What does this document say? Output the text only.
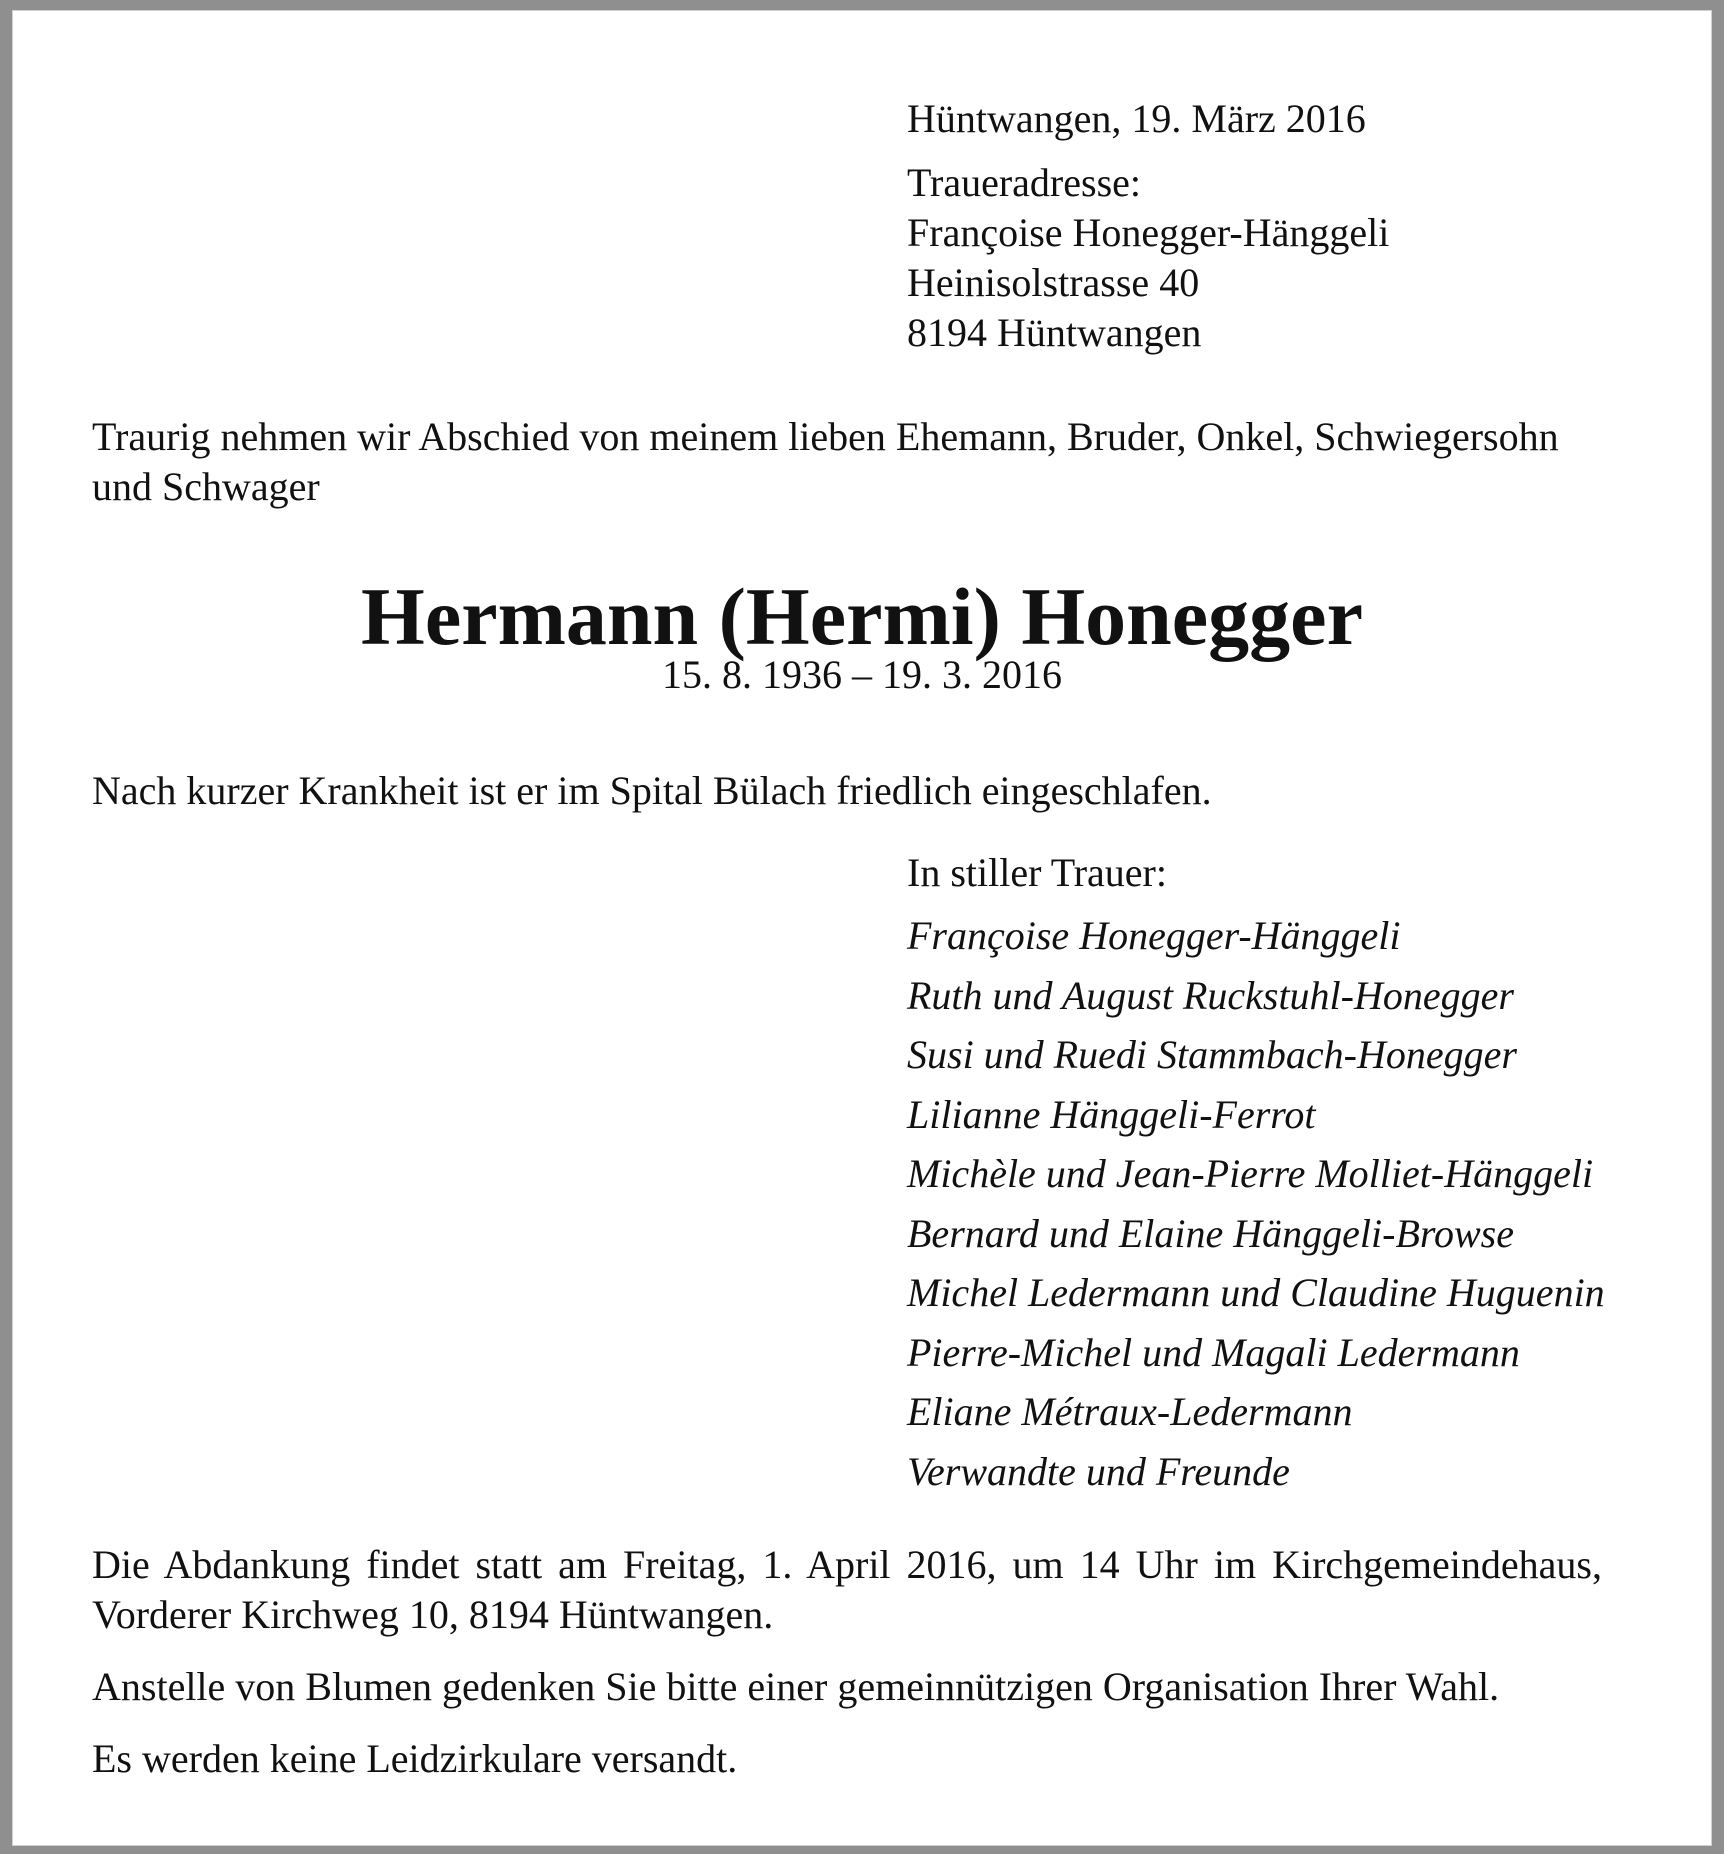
Hüntwangen, 19. März 2016

Traueradresse:

Françoise Honegger-Hänggeli

Heinisolstrasse 40

8194 Hüntwangen

Traurig nehmen wir Abschied von meinem lieben Ehemann, Bruder, Onkel, Schwiegersohn

und Schwager

Hermann (Hermi) Honegger
15. 8. 1936 – 19. 3. 2016

Nach kurzer Krankheit ist er im Spital Bülach friedlich eingeschlafen.

In stiller Trauer:

Françoise Honegger-Hänggeli
Ruth und August Ruckstuhl-Honegger
Susi und Ruedi Stammbach-Honegger
Lilianne Hänggeli-Ferrot
Michèle und Jean-Pierre Molliet-Hänggeli
Bernard und Elaine Hänggeli-Browse
Michel Ledermann und Claudine Huguenin
Pierre-Michel und Magali Ledermann
Eliane Métraux-Ledermann
Verwandte und Freunde

Die Abdankung findet statt am Freitag, 1. April 2016, um 14 Uhr im Kirchgemeindehaus,

Vorderer Kirchweg 10, 8194 Hüntwangen.

Anstelle von Blumen gedenken Sie bitte einer gemeinnützigen Organisation Ihrer Wahl.

Es werden keine Leidzirkulare versandt.
